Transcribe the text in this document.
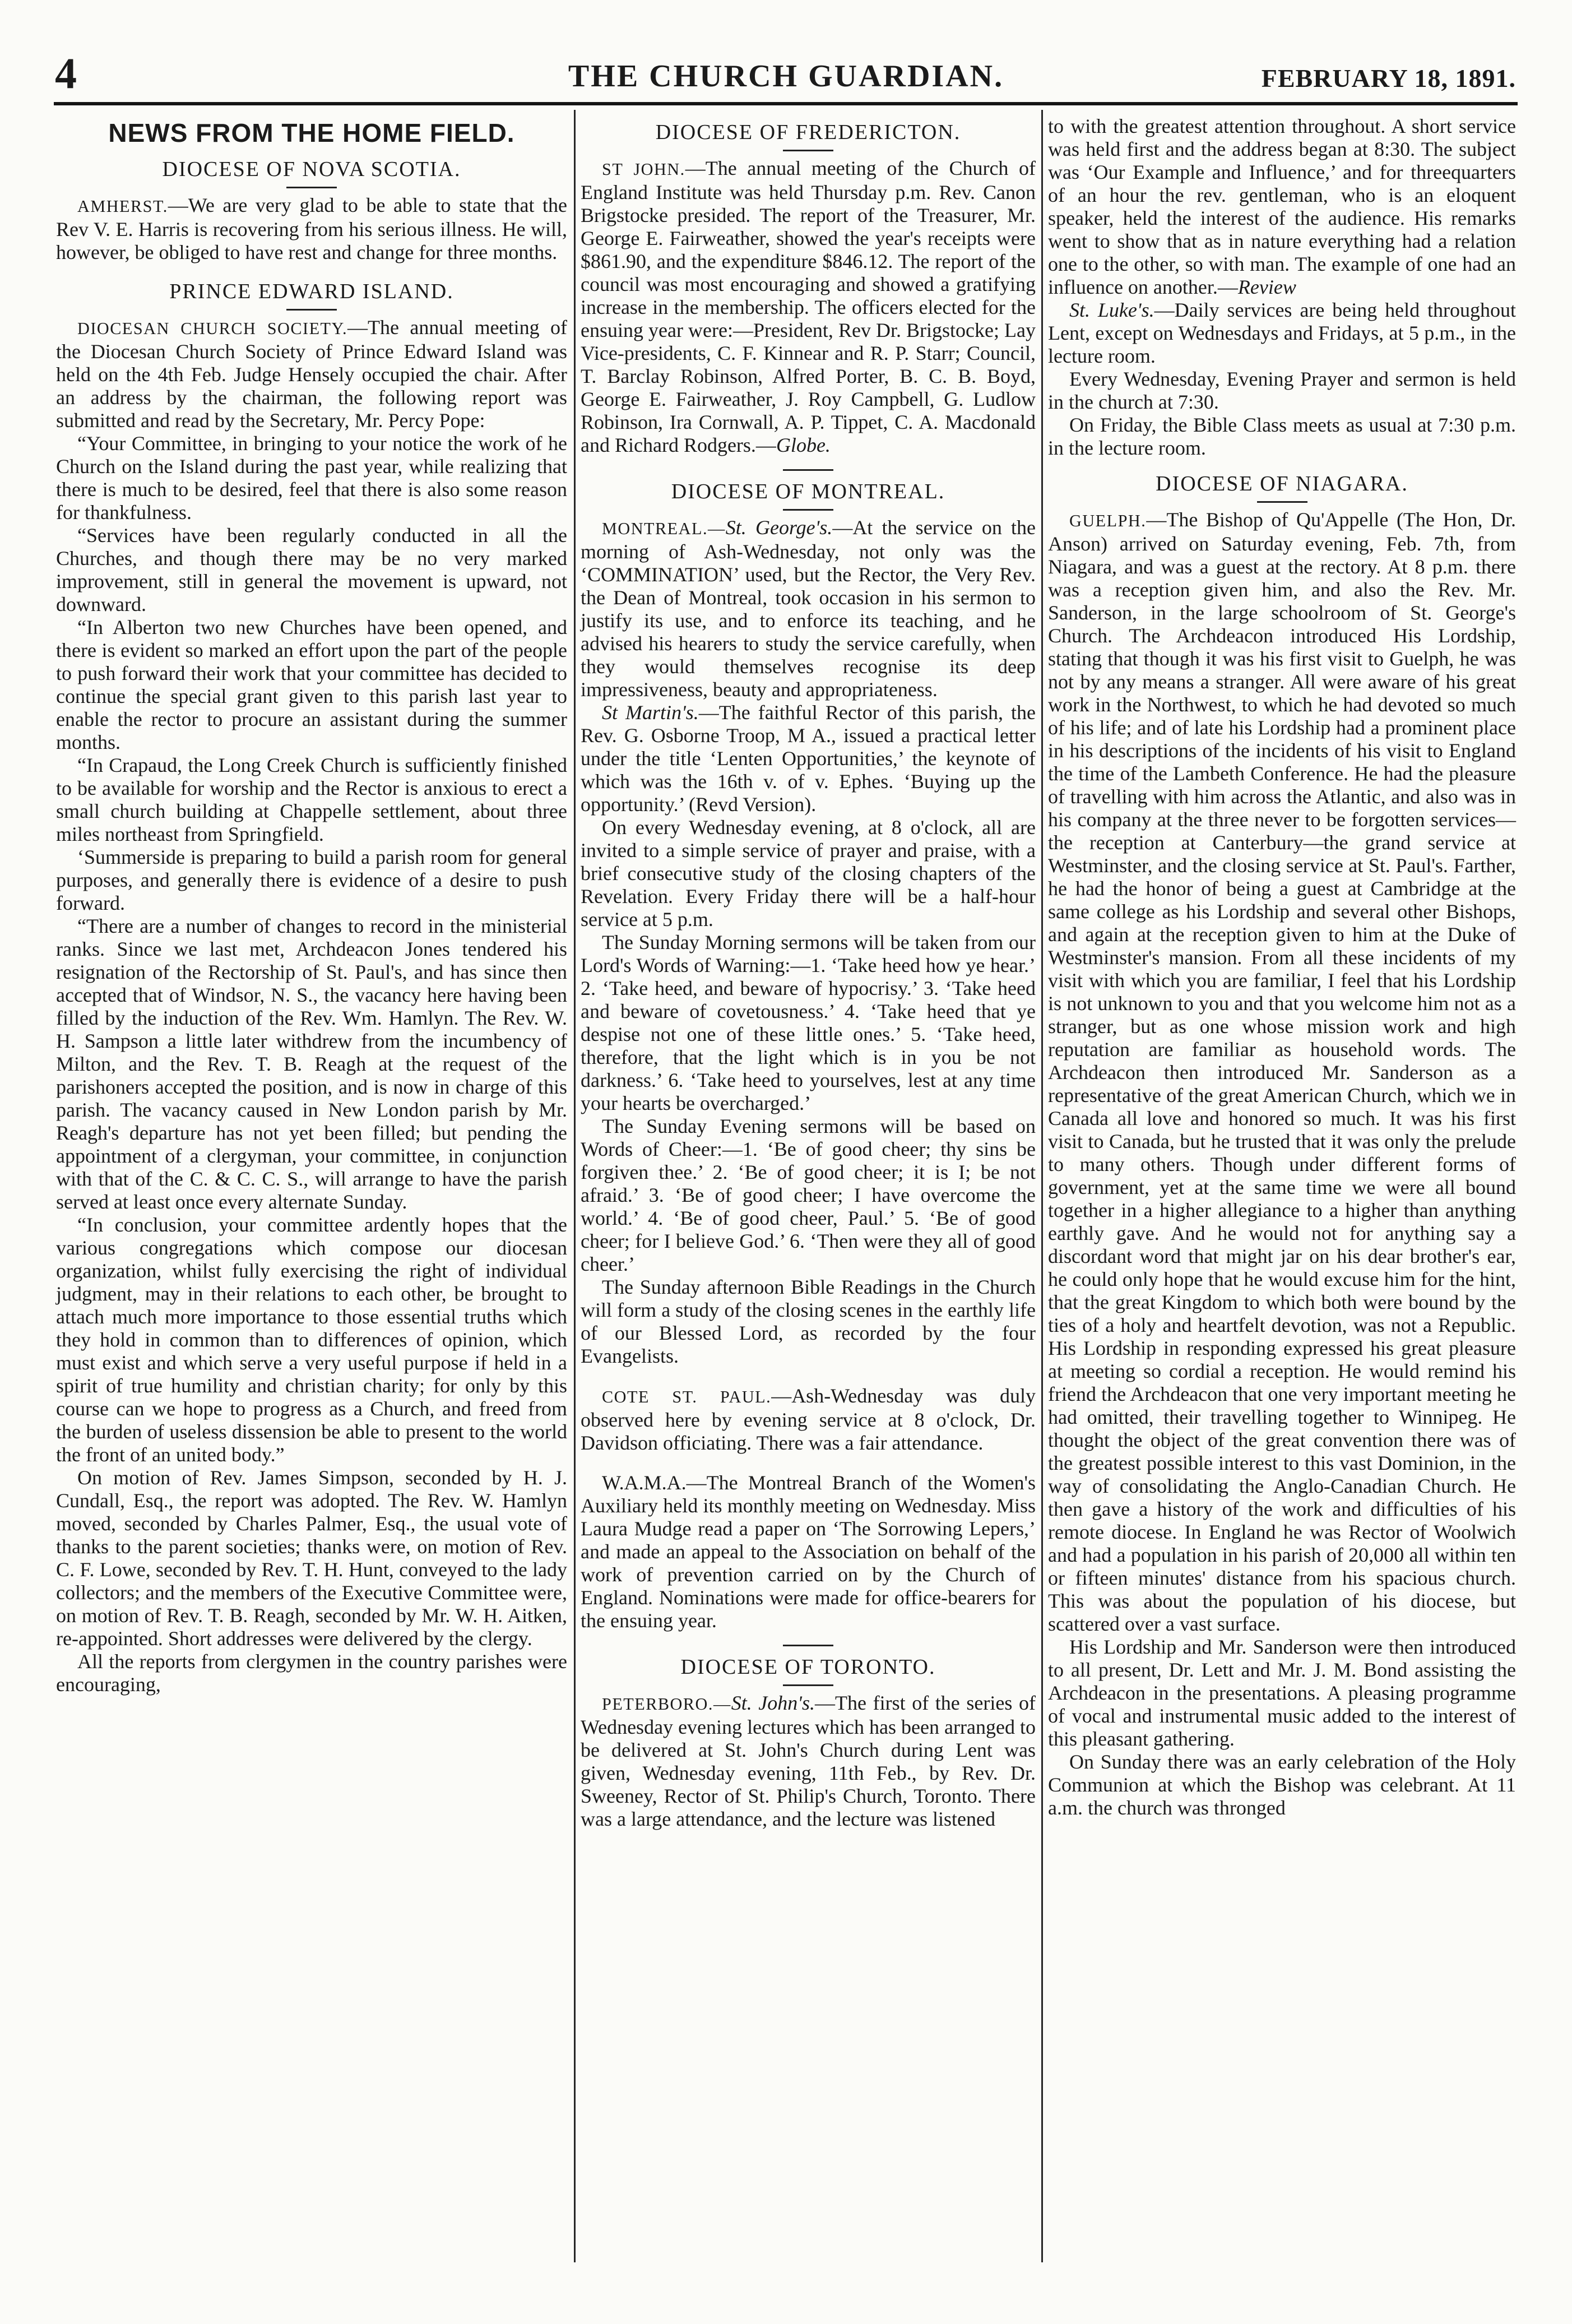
4	THE CHURCH GUARDIAN.	FEBRUARY 18, 1891.
NEWS FROM THE HOME FIELD.
DIOCESE OF NOVA SCOTIA.

AMHERST.—We are very glad to be able to state that the Rev V. E. Harris is recovering from his serious illness. He will, however, be obliged to have rest and change for three months.

PRINCE EDWARD ISLAND.

DIOCESAN CHURCH SOCIETY.—The annual meeting of the Diocesan Church Society of Prince Edward Island was held on the 4th Feb. Judge Hensely occupied the chair. After an address by the chairman, the following report was submitted and read by the Secretary, Mr. Percy Pope:

“Your Committee, in bringing to your notice the work of he Church on the Island during the past year, while realizing that there is much to be desired, feel that there is also some reason for thankfulness.

“Services have been regularly conducted in all the Churches, and though there may be no very marked improvement, still in general the movement is upward, not downward.

“In Alberton two new Churches have been opened, and there is evident so marked an effort upon the part of the people to push forward their work that your committee has decided to continue the special grant given to this parish last year to enable the rector to procure an assistant during the summer months.

“In Crapaud, the Long Creek Church is sufficiently finished to be available for worship and the Rector is anxious to erect a small church building at Chappelle settlement, about three miles northeast from Springfield.

‘Summerside is preparing to build a parish room for general purposes, and generally there is evidence of a desire to push forward.

“There are a number of changes to record in the ministerial ranks. Since we last met, Archdeacon Jones tendered his resignation of the Rectorship of St. Paul's, and has since then accepted that of Windsor, N. S., the vacancy here having been filled by the induction of the Rev. Wm. Hamlyn. The Rev. W. H. Sampson a little later withdrew from the incumbency of Milton, and the Rev. T. B. Reagh at the request of the parishoners accepted the position, and is now in charge of this parish. The vacancy caused in New London parish by Mr. Reagh's departure has not yet been filled; but pending the appointment of a clergyman, your committee, in conjunction with that of the C. & C. C. S., will arrange to have the parish served at least once every alternate Sunday.

“In conclusion, your committee ardently hopes that the various congregations which compose our diocesan organization, whilst fully exercising the right of individual judgment, may in their relations to each other, be brought to attach much more importance to those essential truths which they hold in common than to differences of opinion, which must exist and which serve a very useful purpose if held in a spirit of true humility and christian charity; for only by this course can we hope to progress as a Church, and freed from the burden of useless dissension be able to present to the world the front of an united body.”

On motion of Rev. James Simpson, seconded by H. J. Cundall, Esq., the report was adopted. The Rev. W. Hamlyn moved, seconded by Charles Palmer, Esq., the usual vote of thanks to the parent societies; thanks were, on motion of Rev. C. F. Lowe, seconded by Rev. T. H. Hunt, conveyed to the lady collectors; and the members of the Executive Committee were, on motion of Rev. T. B. Reagh, seconded by Mr. W. H. Aitken, re-appointed. Short addresses were delivered by the clergy.

All the reports from clergymen in the country parishes were encouraging,

DIOCESE OF FREDERICTON.

ST JOHN.—The annual meeting of the Church of England Institute was held Thursday p.m. Rev. Canon Brigstocke presided. The report of the Treasurer, Mr. George E. Fairweather, showed the year's receipts were $861.90, and the expenditure $846.12. The report of the council was most encouraging and showed a gratifying increase in the membership. The officers elected for the ensuing year were:—President, Rev Dr. Brigstocke; Lay Vice-presidents, C. F. Kinnear and R. P. Starr; Council, T. Barclay Robinson, Alfred Porter, B. C. B. Boyd, George E. Fairweather, J. Roy Campbell, G. Ludlow Robinson, Ira Cornwall, A. P. Tippet, C. A. Macdonald and Richard Rodgers.—Globe.

DIOCESE OF MONTREAL.

MONTREAL.—St. George's.—At the service on the morning of Ash-Wednesday, not only was the ‘COMMINATION’ used, but the Rector, the Very Rev. the Dean of Montreal, took occasion in his sermon to justify its use, and to enforce its teaching, and he advised his hearers to study the service carefully, when they would themselves recognise its deep impressiveness, beauty and appropriateness.

St Martin's.—The faithful Rector of this parish, the Rev. G. Osborne Troop, M A., issued a practical letter under the title ‘Lenten Opportunities,’ the keynote of which was the 16th v. of v. Ephes. ‘Buying up the opportunity.’ (Revd Version).

On every Wednesday evening, at 8 o'clock, all are invited to a simple service of prayer and praise, with a brief consecutive study of the closing chapters of the Revelation. Every Friday there will be a half-hour service at 5 p.m.

The Sunday Morning sermons will be taken from our Lord's Words of Warning:—1. ‘Take heed how ye hear.’ 2. ‘Take heed, and beware of hypocrisy.’ 3. ‘Take heed and beware of covetousness.’ 4. ‘Take heed that ye despise not one of these little ones.’ 5. ‘Take heed, therefore, that the light which is in you be not darkness.’ 6. ‘Take heed to yourselves, lest at any time your hearts be overcharged.’

The Sunday Evening sermons will be based on Words of Cheer:—1. ‘Be of good cheer; thy sins be forgiven thee.’ 2. ‘Be of good cheer; it is I; be not afraid.’ 3. ‘Be of good cheer; I have overcome the world.’ 4. ‘Be of good cheer, Paul.’ 5. ‘Be of good cheer; for I believe God.’ 6. ‘Then were they all of good cheer.’

The Sunday afternoon Bible Readings in the Church will form a study of the closing scenes in the earthly life of our Blessed Lord, as recorded by the four Evangelists.

COTE ST. PAUL.—Ash-Wednesday was duly observed here by evening service at 8 o'clock, Dr. Davidson officiating. There was a fair attendance.

W.A.M.A.—The Montreal Branch of the Women's Auxiliary held its monthly meeting on Wednesday. Miss Laura Mudge read a paper on ‘The Sorrowing Lepers,’ and made an appeal to the Association on behalf of the work of prevention carried on by the Church of England. Nominations were made for office-bearers for the ensuing year.

DIOCESE OF TORONTO.

PETERBORO.—St. John's.—The first of the series of Wednesday evening lectures which has been arranged to be delivered at St. John's Church during Lent was given, Wednesday evening, 11th Feb., by Rev. Dr. Sweeney, Rector of St. Philip's Church, Toronto. There was a large attendance, and the lecture was listened

to with the greatest attention throughout. A short service was held first and the address began at 8:30. The subject was ‘Our Example and Influence,’ and for threequarters of an hour the rev. gentleman, who is an eloquent speaker, held the interest of the audience. His remarks went to show that as in nature everything had a relation one to the other, so with man. The example of one had an influence on another.—Review

St. Luke's.—Daily services are being held throughout Lent, except on Wednesdays and Fridays, at 5 p.m., in the lecture room.

Every Wednesday, Evening Prayer and sermon is held in the church at 7:30.

On Friday, the Bible Class meets as usual at 7:30 p.m. in the lecture room.

DIOCESE OF NIAGARA.

GUELPH.—The Bishop of Qu'Appelle (The Hon, Dr. Anson) arrived on Saturday evening, Feb. 7th, from Niagara, and was a guest at the rectory. At 8 p.m. there was a reception given him, and also the Rev. Mr. Sanderson, in the large schoolroom of St. George's Church. The Archdeacon introduced His Lordship, stating that though it was his first visit to Guelph, he was not by any means a stranger. All were aware of his great work in the Northwest, to which he had devoted so much of his life; and of late his Lordship had a prominent place in his descriptions of the incidents of his visit to England the time of the Lambeth Conference. He had the pleasure of travelling with him across the Atlantic, and also was in his company at the three never to be forgotten services—the reception at Canterbury—the grand service at Westminster, and the closing service at St. Paul's. Farther, he had the honor of being a guest at Cambridge at the same college as his Lordship and several other Bishops, and again at the reception given to him at the Duke of Westminster's mansion. From all these incidents of my visit with which you are familiar, I feel that his Lordship is not unknown to you and that you welcome him not as a stranger, but as one whose mission work and high reputation are familiar as household words. The Archdeacon then introduced Mr. Sanderson as a representative of the great American Church, which we in Canada all love and honored so much. It was his first visit to Canada, but he trusted that it was only the prelude to many others. Though under different forms of government, yet at the same time we were all bound together in a higher allegiance to a higher than anything earthly gave. And he would not for anything say a discordant word that might jar on his dear brother's ear, he could only hope that he would excuse him for the hint, that the great Kingdom to which both were bound by the ties of a holy and heartfelt devotion, was not a Republic. His Lordship in responding expressed his great pleasure at meeting so cordial a reception. He would remind his friend the Archdeacon that one very important meeting he had omitted, their travelling together to Winnipeg. He thought the object of the great convention there was of the greatest possible interest to this vast Dominion, in the way of consolidating the Anglo-Canadian Church. He then gave a history of the work and difficulties of his remote diocese. In England he was Rector of Woolwich and had a population in his parish of 20,000 all within ten or fifteen minutes' distance from his spacious church. This was about the population of his diocese, but scattered over a vast surface.

His Lordship and Mr. Sanderson were then introduced to all present, Dr. Lett and Mr. J. M. Bond assisting the Archdeacon in the presentations. A pleasing programme of vocal and instrumental music added to the interest of this pleasant gathering.

On Sunday there was an early celebration of the Holy Communion at which the Bishop was celebrant. At 11 a.m. the church was thronged
